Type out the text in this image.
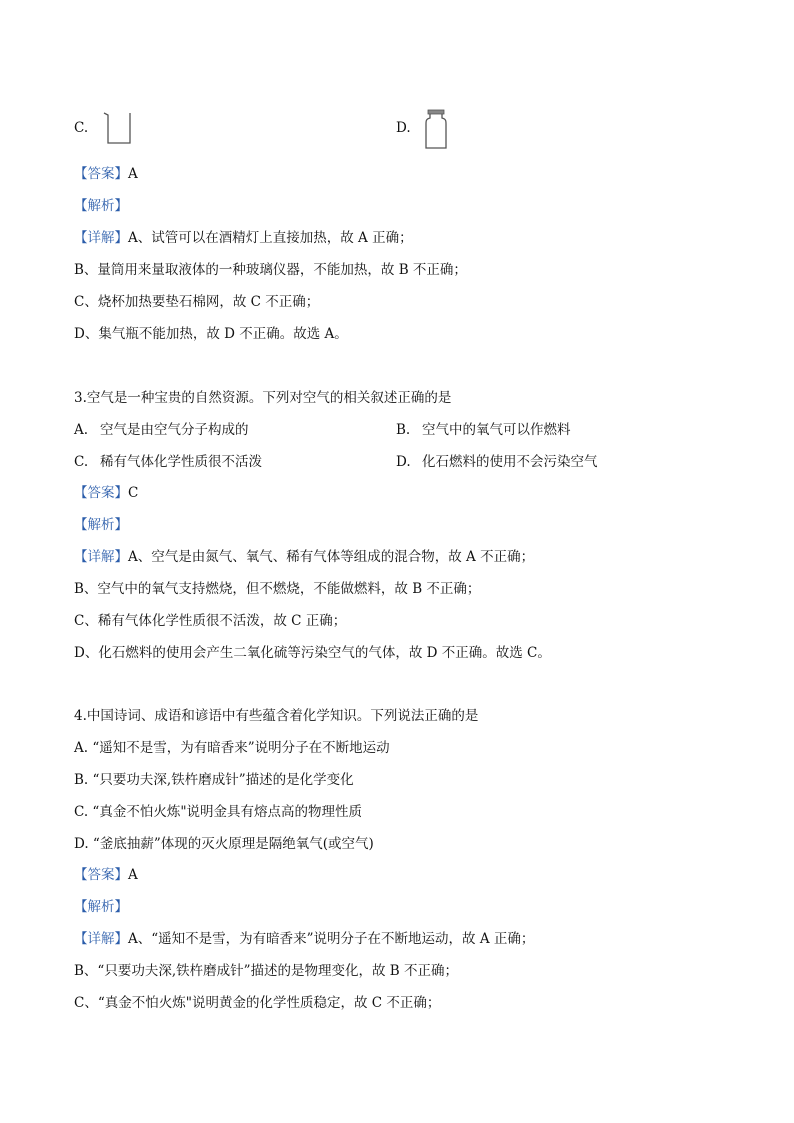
C.	D.
【答案】A
【解析】
【详解】A、试管可以在酒精灯上直接加热，故 A 正确；
B、量筒用来量取液体的一种玻璃仪器，不能加热，故 B 不正确；
C、烧杯加热要垫石棉网，故 C 不正确；
D、集气瓶不能加热，故 D 不正确。故选 A。
3.空气是一种宝贵的自然资源。下列对空气的相关叙述正确的是
A. 空气是由空气分子构成的	B. 空气中的氧气可以作燃料
C. 稀有气体化学性质很不活泼	D. 化石燃料的使用不会污染空气
【答案】C
【解析】
【详解】A、空气是由氮气、氧气、稀有气体等组成的混合物，故 A 不正确；
B、空气中的氧气支持燃烧，但不燃烧，不能做燃料，故 B 不正确；
C、稀有气体化学性质很不活泼，故 C 正确；
D、化石燃料的使用会产生二氧化硫等污染空气的气体，故 D 不正确。故选 C。
4.中国诗词、成语和谚语中有些蕴含着化学知识。下列说法正确的是
A. “遥知不是雪，为有暗香来”说明分子在不断地运动
B. “只要功夫深,铁杵磨成针”描述的是化学变化
C. “真金不怕火炼"说明金具有熔点高的物理性质
D. “釜底抽薪”体现的灭火原理是隔绝氧气(或空气)
【答案】A
【解析】
【详解】A、“遥知不是雪，为有暗香来”说明分子在不断地运动，故 A 正确；
B、“只要功夫深,铁杵磨成针”描述的是物理变化，故 B 不正确；
C、“真金不怕火炼"说明黄金的化学性质稳定，故 C 不正确；
